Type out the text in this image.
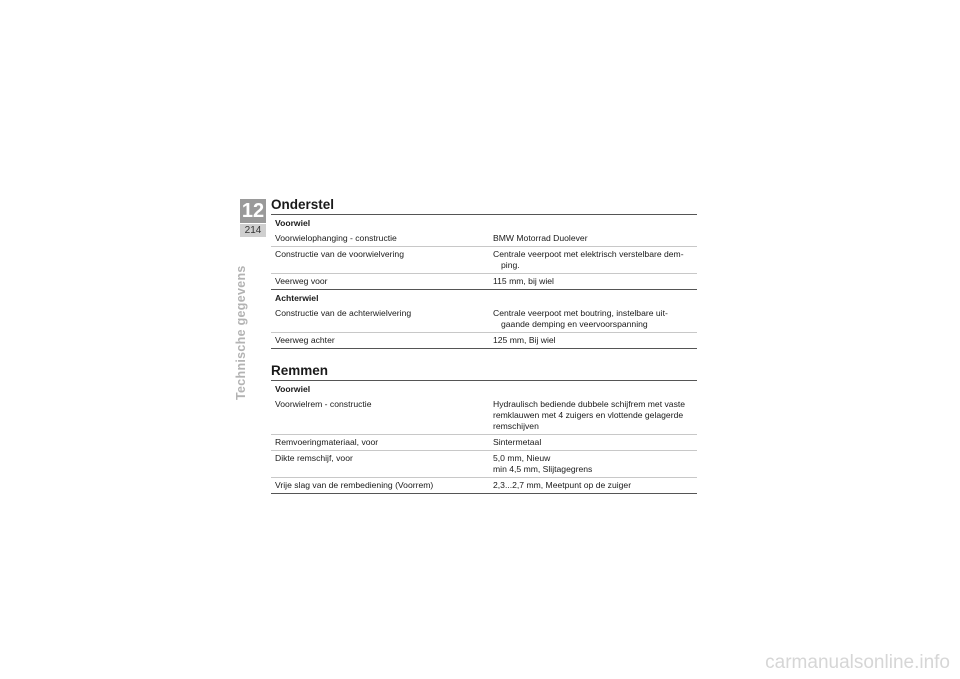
12
214
Technische gegevens
Onderstel
Voorwiel	
Voorwielophanging - constructie	BMW Motorrad Duolever

Constructie van de voorwielvering	Centrale veerpoot met elektrisch verstelbare dem-
ping.

Veerweg voor	115 mm, bij wiel

Achterwiel	
Constructie van de achterwielvering	Centrale veerpoot met boutring, instelbare uit-
gaande demping en veervoorspanning

Veerweg achter	125 mm, Bij wiel
Remmen
Voorwiel	
Voorwielrem - constructie	Hydraulisch bediende dubbele schijfrem met vaste
remklauwen met 4 zuigers en vlottende gelagerde
remschijven

Remvoeringmateriaal, voor	Sintermetaal

Dikte remschijf, voor	5,0 mm, Nieuw
min 4,5 mm, Slijtagegrens

Vrije slag van de rembediening (Voorrem)	2,3...2,7 mm, Meetpunt op de zuiger
carmanualsonline.info
